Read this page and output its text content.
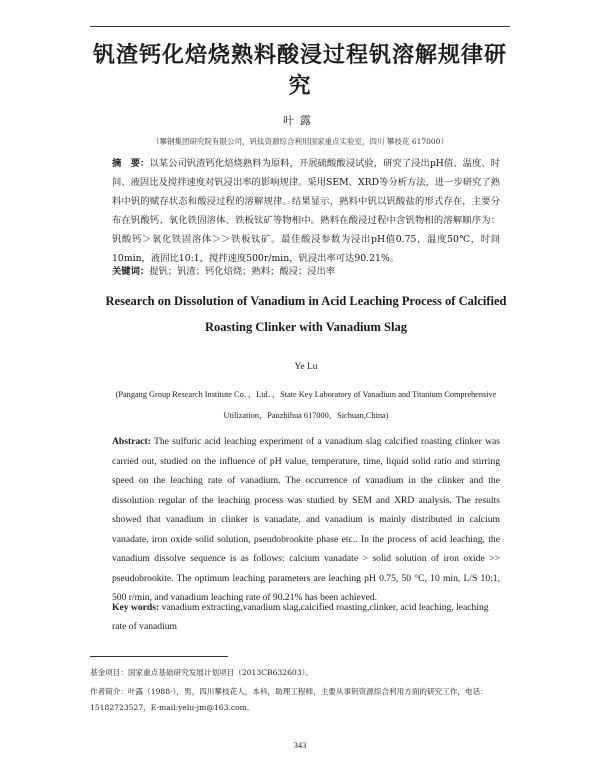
钒渣钙化焙烧熟料酸浸过程钒溶解规律研究
叶露
（攀钢集团研究院有限公司，钒钛资源综合利用国家重点实验室，四川 攀枝花 617000）
摘　要：以某公司钒渣钙化焙烧熟料为原料，开展硫酸酸浸试验，研究了浸出pH值、温度、时间、液固比及搅拌速度对钒浸出率的影响规律。采用SEM、XRD等分析方法，进一步研究了熟料中钒的赋存状态和酸浸过程的溶解规律。结果显示，熟料中钒以钒酸盐的形式存在，主要分布在钒酸钙、氧化铁固溶体、铁板钛矿等物相中。熟料在酸浸过程中含钒物相的溶解顺序为：钒酸钙＞氧化铁固溶体＞＞铁板钛矿。最佳酸浸参数为浸出pH值0.75，温度50℃，时间10min，液固比10:1，搅拌速度500r/min，钒浸出率可达90.21%。
关键词：提钒；钒渣；钙化焙烧；熟料；酸浸；浸出率
Research on Dissolution of Vanadium in Acid Leaching Process of Calcified Roasting Clinker with Vanadium Slag
Ye Lu
(Pangang Group Research Institute Co．，Ltd．，State Key Laboratory of Vanadium and Titanium Comprehensive Utilization，Panzhihua 617000，Sichuan,China)
Abstract: The sulfuric acid leaching experiment of a vanadium slag calcified roasting clinker was carried out, studied on the influence of pH value, temperature, time, liquid solid ratio and stirring speed on the leaching rate of vanadium. The occurrence of vanadium in the clinker and the dissolution regular of the leaching process was studied by SEM and XRD analysis. The results showed that vanadium in clinker is vanadate, and vanadium is mainly distributed in calcium vanadate, iron oxide solid solution, pseudobrookite phase etc.. In the process of acid leaching, the vanadium dissolve sequence is as follows: calcium vanadate > solid solution of iron oxide >> pseudobrookite. The optimum leaching parameters are leaching pH 0.75, 50 °C, 10 min, L/S 10:1, 500 r/min, and vanadium leaching rate of 90.21% has been achieved.
Key words: vanadium extracting,vanadium slag,calcified roasting,clinker, acid leaching, leaching rate of vanadium

基金项目：国家重点基础研究发展计划项目（2013CB632603）。

作者简介：叶露（1988-），男，四川攀枝花人，本科，助理工程师，主要从事钒资源综合利用方面的研究工作，电话：15182723527，E-mail:yelu-jm@163.com。

343
